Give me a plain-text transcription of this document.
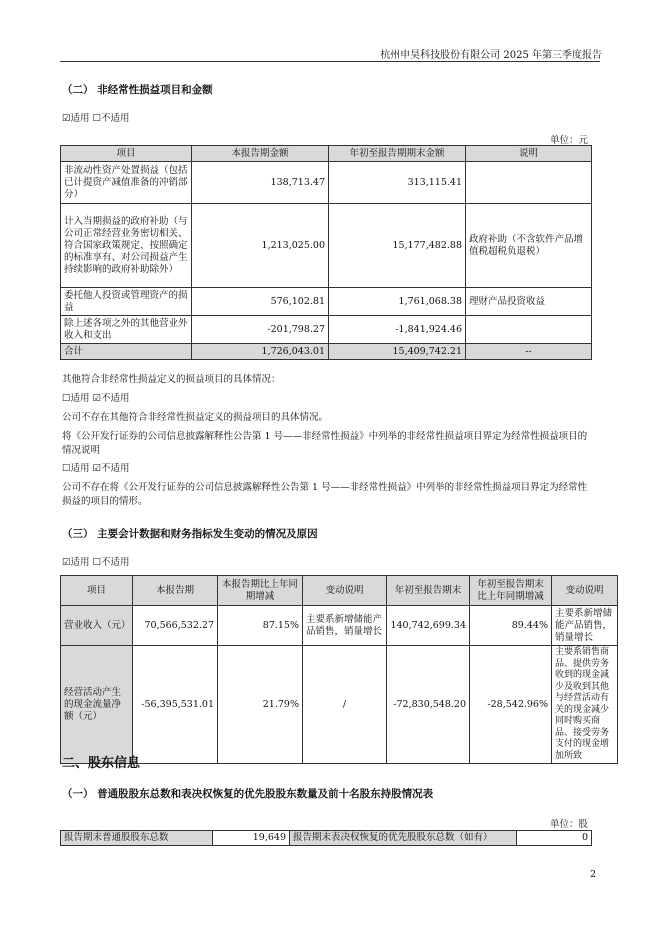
杭州申昊科技股份有限公司 2025 年第三季度报告
（二） 非经常性损益项目和金额
☑适用 ☐不适用
单位：元
项目	本报告期金额	年初至报告期期末金额	说明
非流动性资产处置损益（包括已计提资产减值准备的冲销部分）	138,713.47	313,115.41	
计入当期损益的政府补助（与公司正常经营业务密切相关、符合国家政策规定、按照确定的标准享有、对公司损益产生持续影响的政府补助除外）	1,213,025.00	15,177,482.88	政府补助（不含软件产品增值税超税负退税）
委托他人投资或管理资产的损益	576,102.81	1,761,068.38	理财产品投资收益
除上述各项之外的其他营业外收入和支出	-201,798.27	-1,841,924.46	
合计	1,726,043.01	15,409,742.21	--
其他符合非经常性损益定义的损益项目的具体情况：
☐适用 ☑不适用
公司不存在其他符合非经常性损益定义的损益项目的具体情况。
将《公开发行证券的公司信息披露解释性公告第 1 号——非经常性损益》中列举的非经常性损益项目界定为经常性损益项目的情况说明
☐适用 ☑不适用
公司不存在将《公开发行证券的公司信息披露解释性公告第 1 号——非经常性损益》中列举的非经常性损益项目界定为经常性损益的项目的情形。
（三） 主要会计数据和财务指标发生变动的情况及原因
☑适用 ☐不适用
项目	本报告期	本报告期比上年同期增减	变动说明	年初至报告期末	年初至报告期末比上年同期增减	变动说明
营业收入（元）	70,566,532.27	87.15%	主要系新增储能产品销售，销量增长	140,742,699.34	89.44%	主要系新增储能产品销售，销量增长
经营活动产生的现金流量净额（元）	-56,395,531.01	21.79%	/	-72,830,548.20	-28,542.96%	主要系销售商品、提供劳务收到的现金减少及收到其他与经营活动有关的现金减少同时购买商品、接受劳务支付的现金增加所致
二、股东信息
（一） 普通股股东总数和表决权恢复的优先股股东数量及前十名股东持股情况表
单位：股
报告期末普通股股东总数	19,649	报告期末表决权恢复的优先股股东总数（如有）	0
2
